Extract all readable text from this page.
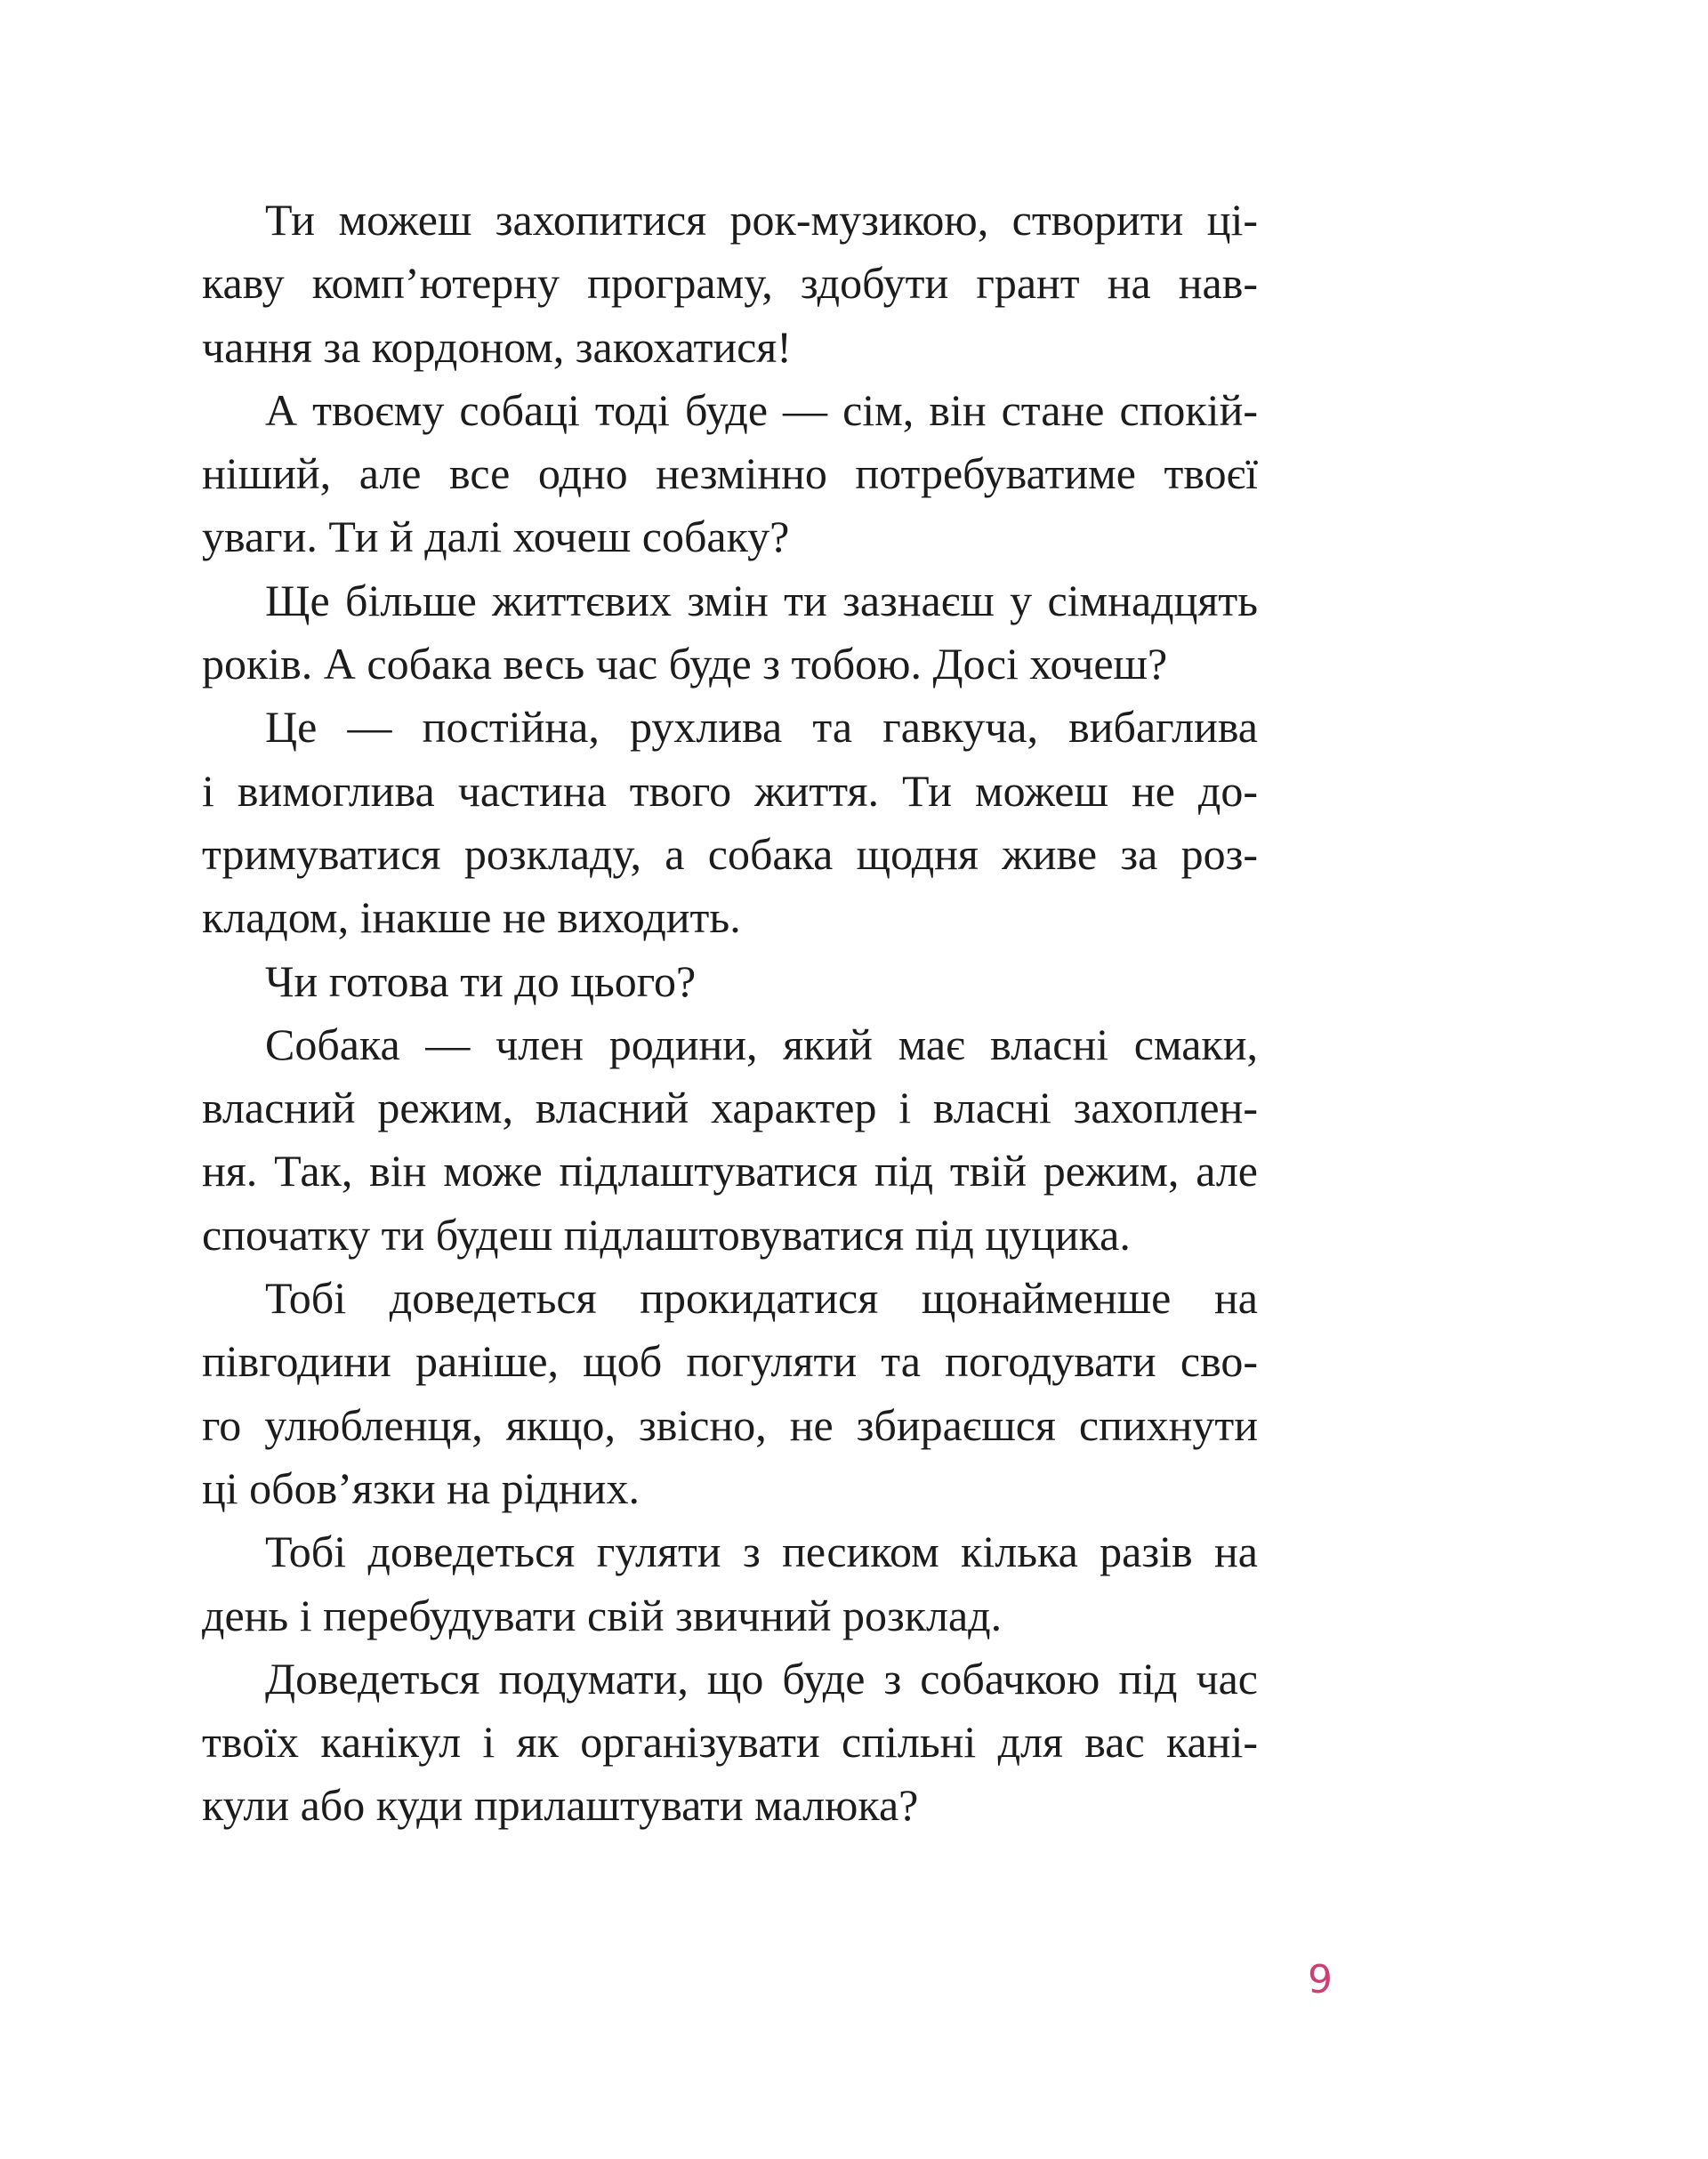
Ти можеш захопитися рок-музикою, створити ці-
каву комп’ютерну програму, здобути грант на нав-
чання за кордоном, закохатися!

А твоєму собаці тоді буде — сім, він стане спокій-
ніший, але все одно незмінно потребуватиме твоєї
уваги. Ти й далі хочеш собаку?

Ще більше життєвих змін ти зазнаєш у сімнадцять
років. А собака весь час буде з тобою. Досі хочеш?

Це — постійна, рухлива та гавкуча, вибаглива
і вимоглива частина твого життя. Ти можеш не до-
тримуватися розкладу, а собака щодня живе за роз-
кладом, інакше не виходить.

Чи готова ти до цього?

Собака — член родини, який має власні смаки,
власний режим, власний характер і власні захоплен-
ня. Так, він може підлаштуватися під твій режим, але
спочатку ти будеш підлаштовуватися під цуцика.

Тобі доведеться прокидатися щонайменше на
півгодини раніше, щоб погуляти та погодувати сво-
го улюбленця, якщо, звісно, не збираєшся спихнути
ці обов’язки на рідних.

Тобі доведеться гуляти з песиком кілька разів на
день і перебудувати свій звичний розклад.

Доведеться подумати, що буде з собачкою під час
твоїх канікул і як організувати спільні для вас кані-
кули або куди прилаштувати малюка?

9
